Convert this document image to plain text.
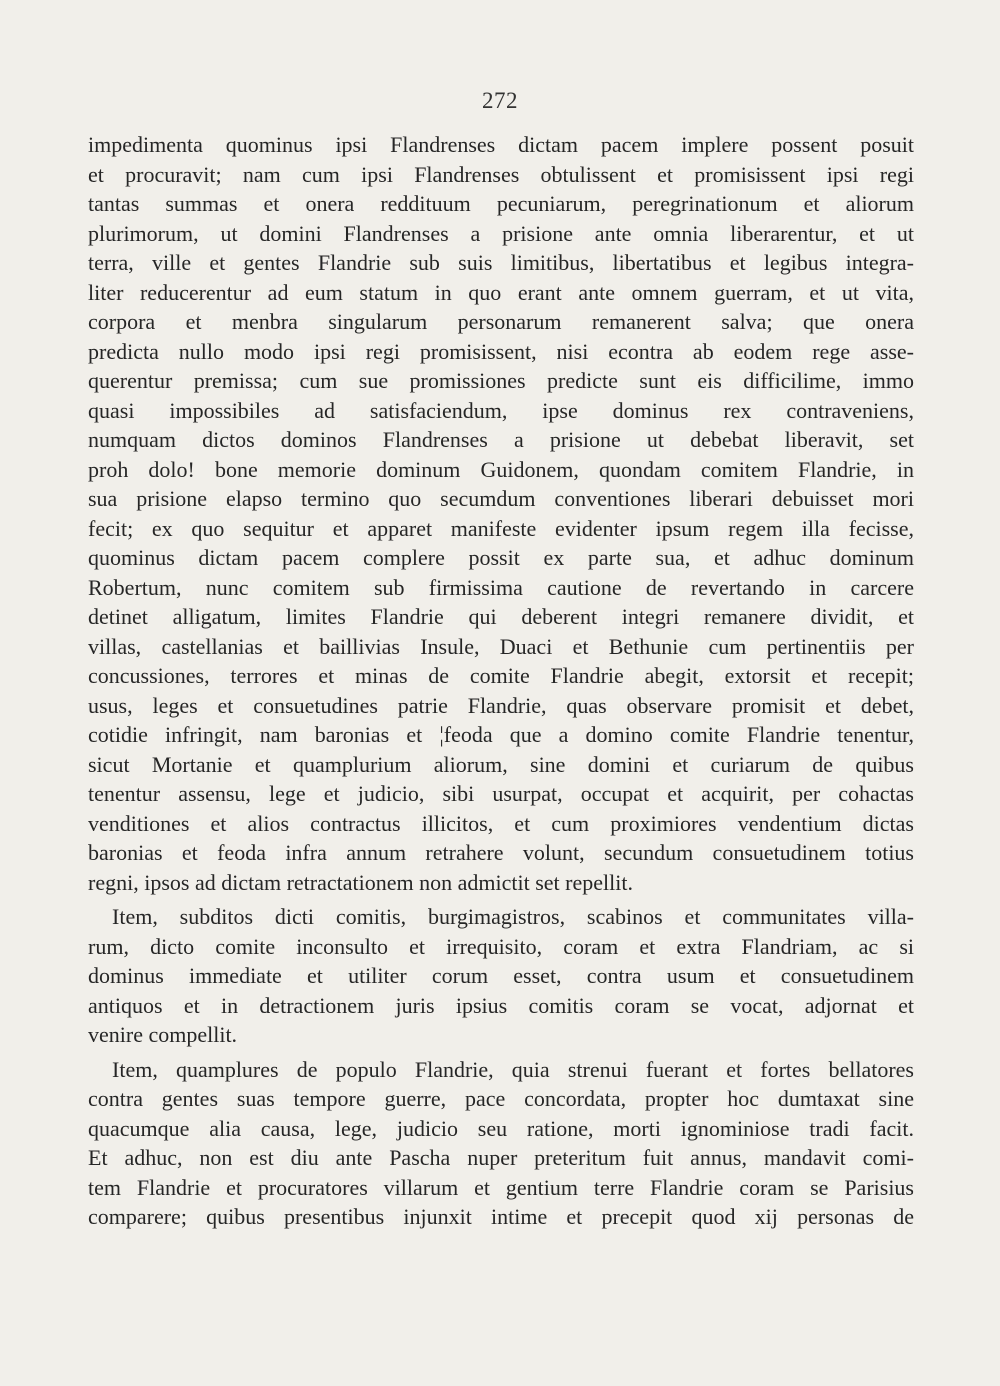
272
impedimenta quominus ipsi Flandrenses dictam pacem implere possent posuit
et procuravit; nam cum ipsi Flandrenses obtulissent et promisissent ipsi regi
tantas summas et onera reddituum pecuniarum, peregrinationum et aliorum
plurimorum, ut domini Flandrenses a prisione ante omnia liberarentur, et ut
terra, ville et gentes Flandrie sub suis limitibus, libertatibus et legibus integra-
liter reducerentur ad eum statum in quo erant ante omnem guerram, et ut vita,
corpora et menbra singularum personarum remanerent salva; que onera
predicta nullo modo ipsi regi promisissent, nisi econtra ab eodem rege asse-
querentur premissa; cum sue promissiones predicte sunt eis difficilime, immo
quasi impossibiles ad satisfaciendum, ipse dominus rex contraveniens,
numquam dictos dominos Flandrenses a prisione ut debebat liberavit, set
proh dolo! bone memorie dominum Guidonem, quondam comitem Flandrie, in
sua prisione elapso termino quo secumdum conventiones liberari debuisset mori
fecit; ex quo sequitur et apparet manifeste evidenter ipsum regem illa fecisse,
quominus dictam pacem complere possit ex parte sua, et adhuc dominum
Robertum, nunc comitem sub firmissima cautione de revertando in carcere
detinet alligatum, limites Flandrie qui deberent integri remanere dividit, et
villas, castellanias et baillivias Insule, Duaci et Bethunie cum pertinentiis per
concussiones, terrores et minas de comite Flandrie abegit, extorsit et recepit;
usus, leges et consuetudines patrie Flandrie, quas observare promisit et debet,
cotidie infringit, nam baronias et ¦feoda que a domino comite Flandrie tenentur,
sicut Mortanie et quamplurium aliorum, sine domini et curiarum de quibus
tenentur assensu, lege et judicio, sibi usurpat, occupat et acquirit, per cohactas
venditiones et alios contractus illicitos, et cum proximiores vendentium dictas
baronias et feoda infra annum retrahere volunt, secundum consuetudinem totius
regni, ipsos ad dictam retractationem non admictit set repellit.
Item, subditos dicti comitis, burgimagistros, scabinos et communitates villa-
rum, dicto comite inconsulto et irrequisito, coram et extra Flandriam, ac si
dominus immediate et utiliter corum esset, contra usum et consuetudinem
antiquos et in detractionem juris ipsius comitis coram se vocat, adjornat et
venire compellit.
Item, quamplures de populo Flandrie, quia strenui fuerant et fortes bellatores
contra gentes suas tempore guerre, pace concordata, propter hoc dumtaxat sine
quacumque alia causa, lege, judicio seu ratione, morti ignominiose tradi facit.
Et adhuc, non est diu ante Pascha nuper preteritum fuit annus, mandavit comi-
tem Flandrie et procuratores villarum et gentium terre Flandrie coram se Parisius
comparere; quibus presentibus injunxit intime et precepit quod xij personas de
